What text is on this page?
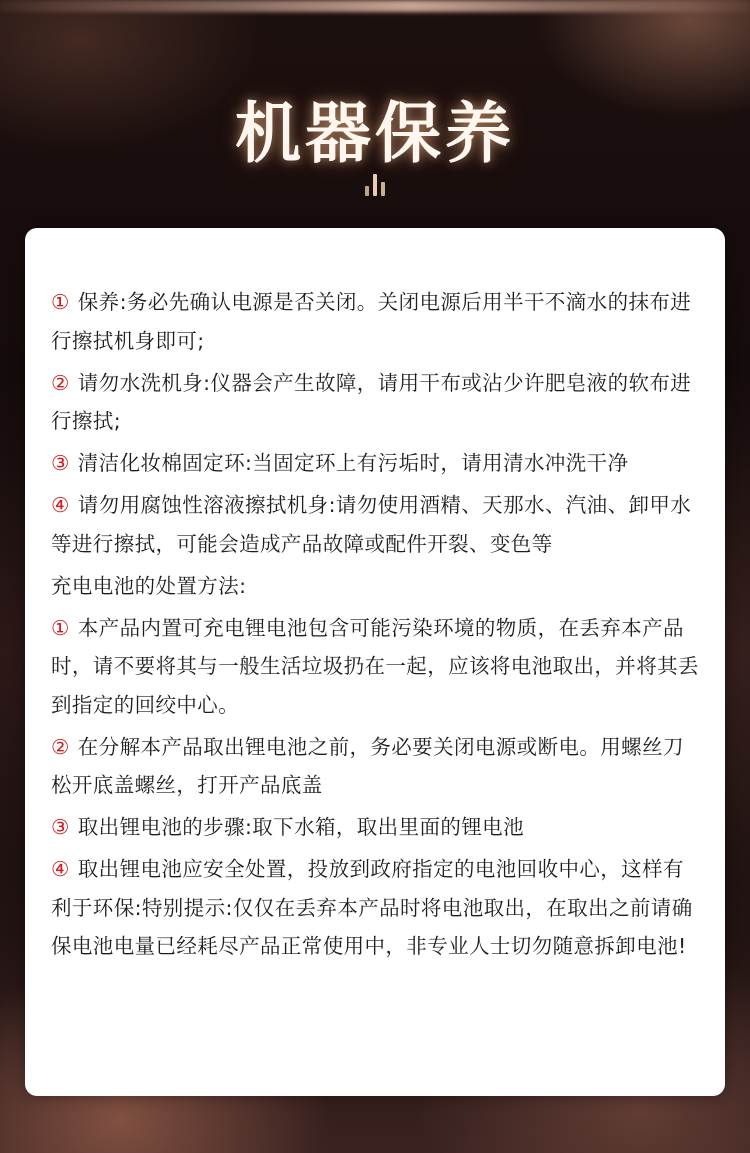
机器保养

① 保养:务必先确认电源是否关闭。关闭电源后用半干不滴水的抹布进行擦拭机身即可;

② 请勿水洗机身:仪器会产生故障，请用干布或沾少许肥皂液的软布进行擦拭;

③ 清洁化妆棉固定环:当固定环上有污垢时，请用清水冲洗干净

④ 请勿用腐蚀性溶液擦拭机身:请勿使用酒精、天那水、汽油、卸甲水等进行擦拭，可能会造成产品故障或配件开裂、变色等

充电电池的处置方法:

① 本产品内置可充电锂电池包含可能污染环境的物质，在丢弃本产品时，请不要将其与一般生活垃圾扔在一起，应该将电池取出，并将其丢到指定的回绞中心。

② 在分解本产品取出锂电池之前，务必要关闭电源或断电。用螺丝刀松开底盖螺丝，打开产品底盖

③ 取出锂电池的步骤:取下水箱，取出里面的锂电池

④ 取出锂电池应安全处置，投放到政府指定的电池回收中心，这样有利于环保:特别提示:仅仅在丢弃本产品时将电池取出，在取出之前请确保电池电量已经耗尽产品正常使用中，非专业人士切勿随意拆卸电池!
